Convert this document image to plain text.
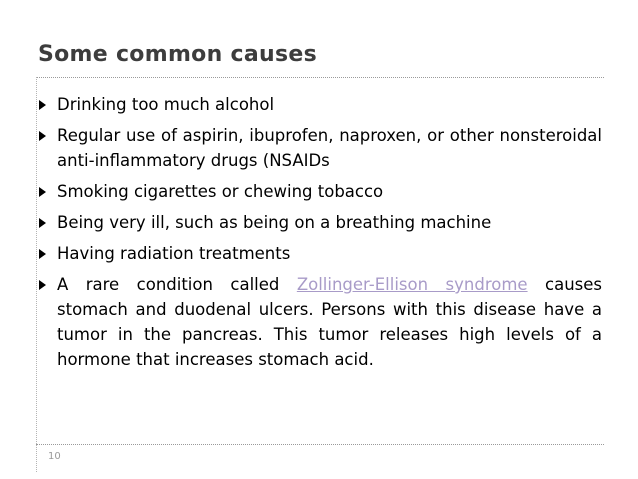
Some common causes
Drinking too much alcohol
Regular use of aspirin, ibuprofen, naproxen, or other nonsteroidal anti-inflammatory drugs (NSAIDs
Smoking cigarettes or chewing tobacco
Being very ill, such as being on a breathing machine
Having radiation treatments
A rare condition called Zollinger-Ellison syndrome causes stomach and duodenal ulcers. Persons with this disease have a tumor in the pancreas. This tumor releases high levels of a hormone that increases stomach acid.
10
